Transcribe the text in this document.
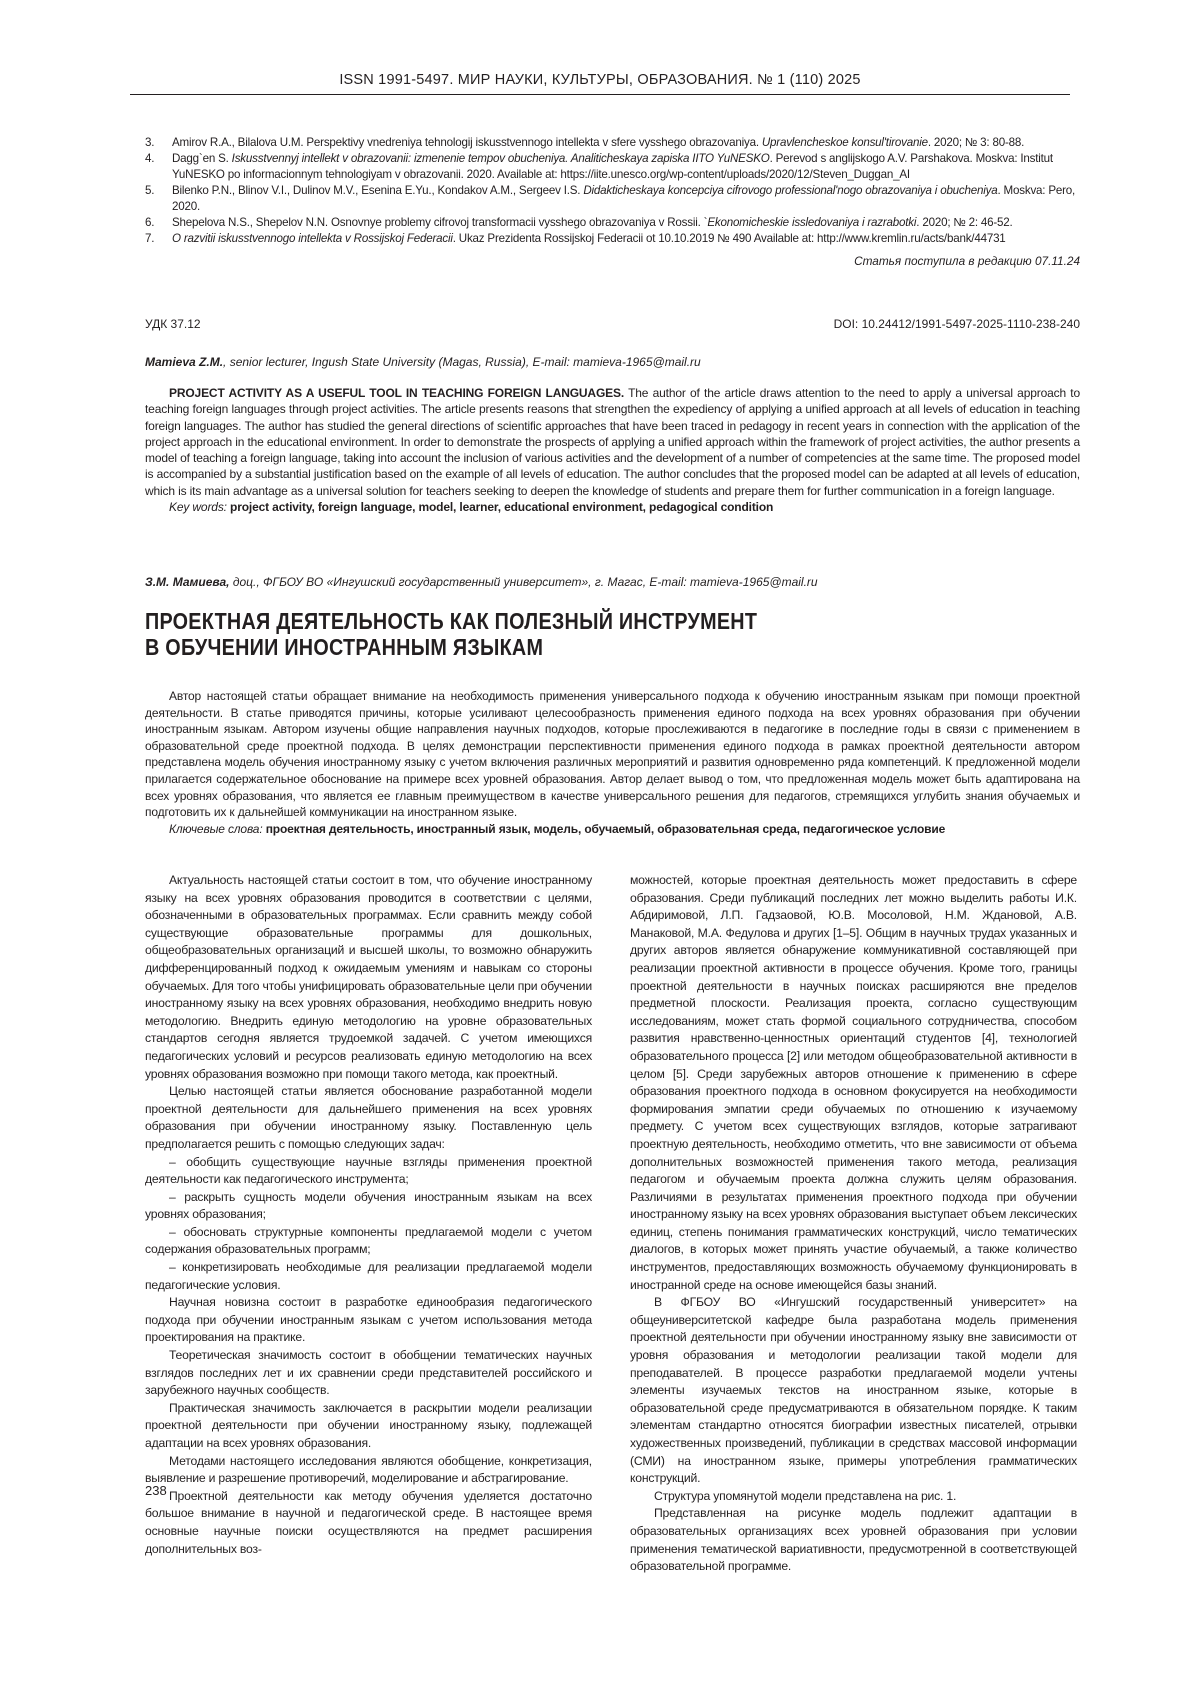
ISSN 1991-5497. МИР НАУКИ, КУЛЬТУРЫ, ОБРАЗОВАНИЯ. № 1 (110) 2025
3. Amirov R.A., Bilalova U.M. Perspektivy vnedreniya tehnologij iskusstvennogo intellekta v sfere vysshego obrazovaniya. Upravlencheskoe konsul'tirovanie. 2020; № 3: 80-88.
4. Dagg`en S. Iskusstvennyj intellekt v obrazovanii: izmenenie tempov obucheniya. Analiticheskaya zapiska IITO YuNESKO. Perevod s anglijskogo A.V. Parshakova. Moskva: Institut YuNESKO po informacionnym tehnologiyam v obrazovanii. 2020. Available at: https://iite.unesco.org/wp-content/uploads/2020/12/Steven_Duggan_AI
5. Bilenko P.N., Blinov V.I., Dulinov M.V., Esenina E.Yu., Kondakov A.M., Sergeev I.S. Didakticheskaya koncepciya cifrovogo professional'nogo obrazovaniya i obucheniya. Moskva: Pero, 2020.
6. Shepelova N.S., Shepelov N.N. Osnovnye problemy cifrovoj transformacii vysshego obrazovaniya v Rossii. `Ekonomicheskie issledovaniya i razrabotki. 2020; № 2: 46-52.
7. O razvitii iskusstvennogo intellekta v Rossijskoj Federacii. Ukaz Prezidenta Rossijskoj Federacii ot 10.10.2019 № 490 Available at: http://www.kremlin.ru/acts/bank/44731
Статья поступила в редакцию 07.11.24
УДК 37.12	DOI: 10.24412/1991-5497-2025-1110-238-240
Mamieva Z.M., senior lecturer, Ingush State University (Magas, Russia), E-mail: mamieva-1965@mail.ru
PROJECT ACTIVITY AS A USEFUL TOOL IN TEACHING FOREIGN LANGUAGES. The author of the article draws attention to the need to apply a universal approach to teaching foreign languages through project activities. The article presents reasons that strengthen the expediency of applying a unified approach at all levels of education in teaching foreign languages. The author has studied the general directions of scientific approaches that have been traced in pedagogy in recent years in connection with the application of the project approach in the educational environment. In order to demonstrate the prospects of applying a unified approach within the framework of project activities, the author presents a model of teaching a foreign language, taking into account the inclusion of various activities and the development of a number of competencies at the same time. The proposed model is accompanied by a substantial justification based on the example of all levels of education. The author concludes that the proposed model can be adapted at all levels of education, which is its main advantage as a universal solution for teachers seeking to deepen the knowledge of students and prepare them for further communication in a foreign language.
Key words: project activity, foreign language, model, learner, educational environment, pedagogical condition
З.М. Мамиева, доц., ФГБОУ ВО «Ингушский государственный университет», г. Магас, E-mail: mamieva-1965@mail.ru
ПРОЕКТНАЯ ДЕЯТЕЛЬНОСТЬ КАК ПОЛЕЗНЫЙ ИНСТРУМЕНТ
В ОБУЧЕНИИ ИНОСТРАННЫМ ЯЗЫКАМ
Автор настоящей статьи обращает внимание на необходимость применения универсального подхода к обучению иностранным языкам при помощи проектной деятельности. В статье приводятся причины, которые усиливают целесообразность применения единого подхода на всех уровнях образования при обучении иностранным языкам. Автором изучены общие направления научных подходов, которые прослеживаются в педагогике в последние годы в связи с применением в образовательной среде проектной подхода. В целях демонстрации перспективности применения единого подхода в рамках проектной деятельности автором представлена модель обучения иностранному языку с учетом включения различных мероприятий и развития одновременно ряда компетенций. К предложенной модели прилагается содержательное обоснование на примере всех уровней образования. Автор делает вывод о том, что предложенная модель может быть адаптирована на всех уровнях образования, что является ее главным преимуществом в качестве универсального решения для педагогов, стремящихся углубить знания обучаемых и подготовить их к дальнейшей коммуникации на иностранном языке.
Ключевые слова: проектная деятельность, иностранный язык, модель, обучаемый, образовательная среда, педагогическое условие

Актуальность настоящей статьи состоит в том, что обучение иностранному языку на всех уровнях образования проводится в соответствии с целями, обозначенными в образовательных программах. Если сравнить между собой существующие образовательные программы для дошкольных, общеобразовательных организаций и высшей школы, то возможно обнаружить дифференцированный подход к ожидаемым умениям и навыкам со стороны обучаемых. Для того чтобы унифицировать образовательные цели при обучении иностранному языку на всех уровнях образования, необходимо внедрить новую методологию. Внедрить единую методологию на уровне образовательных стандартов сегодня является трудоемкой задачей. С учетом имеющихся педагогических условий и ресурсов реализовать единую методологию на всех уровнях образования возможно при помощи такого метода, как проектный.

Целью настоящей статьи является обоснование разработанной модели проектной деятельности для дальнейшего применения на всех уровнях образования при обучении иностранному языку. Поставленную цель предполагается решить с помощью следующих задач:

– обобщить существующие научные взгляды применения проектной деятельности как педагогического инструмента;

– раскрыть сущность модели обучения иностранным языкам на всех уровнях образования;

– обосновать структурные компоненты предлагаемой модели с учетом содержания образовательных программ;

– конкретизировать необходимые для реализации предлагаемой модели педагогические условия.

Научная новизна состоит в разработке единообразия педагогического подхода при обучении иностранным языкам с учетом использования метода проектирования на практике.

Теоретическая значимость состоит в обобщении тематических научных взглядов последних лет и их сравнении среди представителей российского и зарубежного научных сообществ.

Практическая значимость заключается в раскрытии модели реализации проектной деятельности при обучении иностранному языку, подлежащей адаптации на всех уровнях образования.

Методами настоящего исследования являются обобщение, конкретизация, выявление и разрешение противоречий, моделирование и абстрагирование.

Проектной деятельности как методу обучения уделяется достаточно большое внимание в научной и педагогической среде. В настоящее время основные научные поиски осуществляются на предмет расширения дополнительных воз-

можностей, которые проектная деятельность может предоставить в сфере образования. Среди публикаций последних лет можно выделить работы И.К. Абдиримовой, Л.П. Гадзаовой, Ю.В. Мосоловой, Н.М. Ждановой, А.В. Манаковой, М.А. Федулова и других [1–5]. Общим в научных трудах указанных и других авторов является обнаружение коммуникативной составляющей при реализации проектной активности в процессе обучения. Кроме того, границы проектной деятельности в научных поисках расширяются вне пределов предметной плоскости. Реализация проекта, согласно существующим исследованиям, может стать формой социального сотрудничества, способом развития нравственно-ценностных ориентаций студентов [4], технологией образовательного процесса [2] или методом общеобразовательной активности в целом [5]. Среди зарубежных авторов отношение к применению в сфере образования проектного подхода в основном фокусируется на необходимости формирования эмпатии среди обучаемых по отношению к изучаемому предмету. С учетом всех существующих взглядов, которые затрагивают проектную деятельность, необходимо отметить, что вне зависимости от объема дополнительных возможностей применения такого метода, реализация педагогом и обучаемым проекта должна служить целям образования. Различиями в результатах применения проектного подхода при обучении иностранному языку на всех уровнях образования выступает объем лексических единиц, степень понимания грамматических конструкций, число тематических диалогов, в которых может принять участие обучаемый, а также количество инструментов, предоставляющих возможность обучаемому функционировать в иностранной среде на основе имеющейся базы знаний.

В ФГБОУ ВО «Ингушский государственный университет» на общеуниверситетской кафедре была разработана модель применения проектной деятельности при обучении иностранному языку вне зависимости от уровня образования и методологии реализации такой модели для преподавателей. В процессе разработки предлагаемой модели учтены элементы изучаемых текстов на иностранном языке, которые в образовательной среде предусматриваются в обязательном порядке. К таким элементам стандартно относятся биографии известных писателей, отрывки художественных произведений, публикации в средствах массовой информации (СМИ) на иностранном языке, примеры употребления грамматических конструкций.

Структура упомянутой модели представлена на рис. 1.

Представленная на рисунке модель подлежит адаптации в образовательных организациях всех уровней образования при условии применения тематической вариативности, предусмотренной в соответствующей образовательной программе.

238
